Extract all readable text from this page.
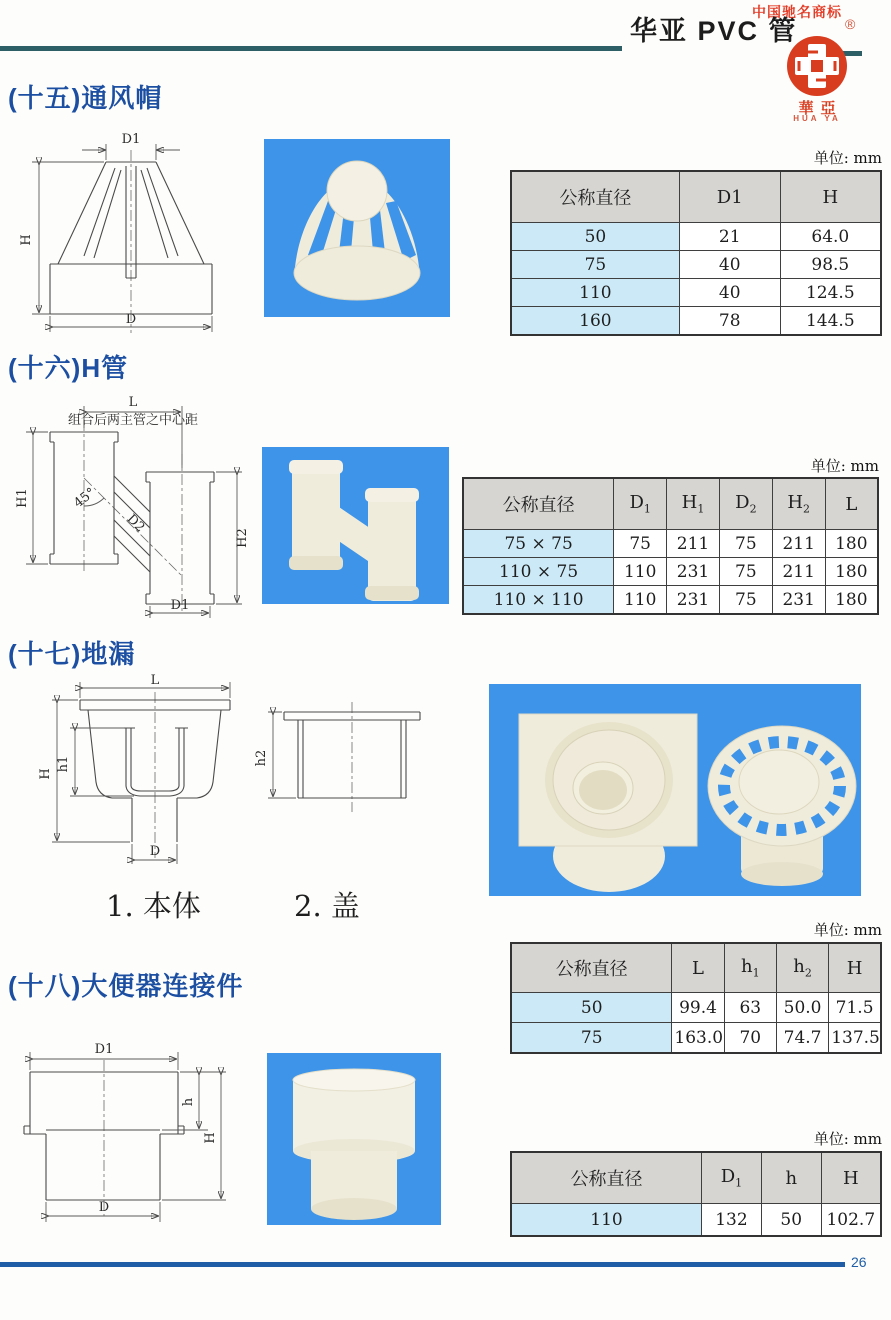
中国驰名商标
华亚 PVC 管	®
華亞
HUA YA
(十五)通风帽
D1
H
D
单位: mm
公称直径	D1	H
50	21	64.0
75	40	98.5
110	40	124.5
160	78	144.5
(十六)H管
45°
D2
L
组合后两主管之中心距
H1
H2
D1
单位: mm
公称直径	$D_1$	$H_1$	$D_2$	$H_2$	L
75 × 75	75	211	75	211	180
110 × 75	110	231	75	211	180
110 × 110	110	231	75	231	180
(十七)地漏
L
H
h1
D
h2
1. 本体	2. 盖
单位: mm
公称直径	L	$h_1$	$h_2$	H
50	99.4	63	50.0	71.5
75	163.0	70	74.7	137.5
(十八)大便器连接件
D1
h
H
D
单位: mm
公称直径	$D_1$	h	H
110	132	50	102.7
26
